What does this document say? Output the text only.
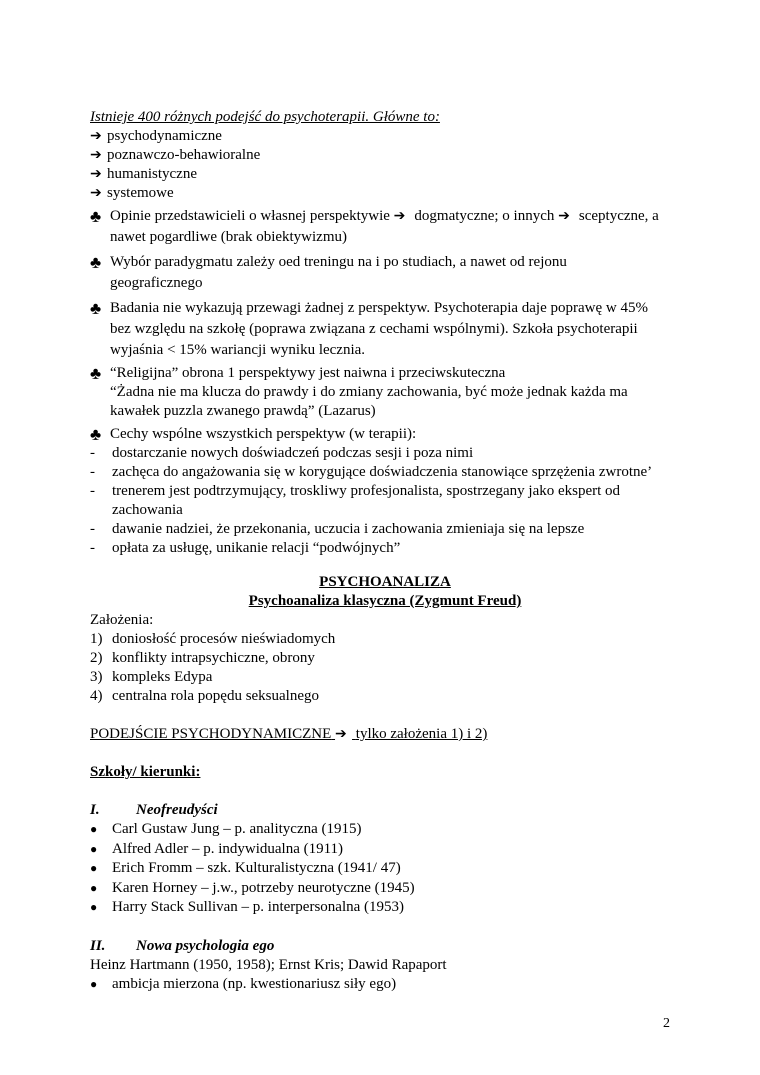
Istnieje 400 różnych podejść do psychoterapii. Główne to:
➔ psychodynamiczne
➔ poznawczo-behawioralne
➔ humanistyczne
➔ systemowe
♣ Opinie przedstawicieli o własnej perspektywie ➔ dogmatyczne; o innych ➔ sceptyczne, a
nawet pogardliwe (brak obiektywizmu)
♣ Wybór paradygmatu zależy oed treningu na i po studiach, a nawet od rejonu
geograficznego
♣ Badania nie wykazują przewagi żadnej z perspektyw. Psychoterapia daje poprawę w 45%
bez względu na szkołę (poprawa związana z cechami wspólnymi). Szkoła psychoterapii
wyjaśnia < 15% wariancji wyniku lecznia.
♣ “Religijna” obrona 1 perspektywy jest naiwna i przeciwskuteczna
“Żadna nie ma klucza do prawdy i do zmiany zachowania, być może jednak każda ma
kawałek puzzla zwanego prawdą” (Lazarus)
♣ Cechy wspólne wszystkich perspektyw (w terapii):
-	dostarczanie nowych doświadczeń podczas sesji i poza nimi
-	zachęca do angażowania się w korygujące doświadczenia stanowiące sprzężenia zwrotne’
-	trenerem jest podtrzymujący, troskliwy profesjonalista, spostrzegany jako ekspert od
zachowania
-	dawanie nadziei, że przekonania, uczucia i zachowania zmieniaja się na lepsze
-	opłata za usługę, unikanie relacji “podwójnych”
PSYCHOANALIZA
Psychoanaliza klasyczna (Zygmunt Freud)
Założenia:
1) doniosłość procesów nieświadomych
2) konflikty intrapsychiczne, obrony
3) kompleks Edypa
4) centralna rola popędu seksualnego
PODEJŚCIE PSYCHODYNAMICZNE ➔ tylko założenia 1) i 2)
Szkoły/ kierunki:
I.	Neofreudyści
● Carl Gustaw Jung – p. analityczna (1915)
● Alfred Adler – p. indywidualna (1911)
● Erich Fromm – szk. Kulturalistyczna (1941/ 47)
● Karen Horney – j.w., potrzeby neurotyczne (1945)
● Harry Stack Sullivan – p. interpersonalna (1953)
II.	Nowa psychologia ego
Heinz Hartmann (1950, 1958); Ernst Kris; Dawid Rapaport
● ambicja mierzona (np. kwestionariusz siły ego)
2
